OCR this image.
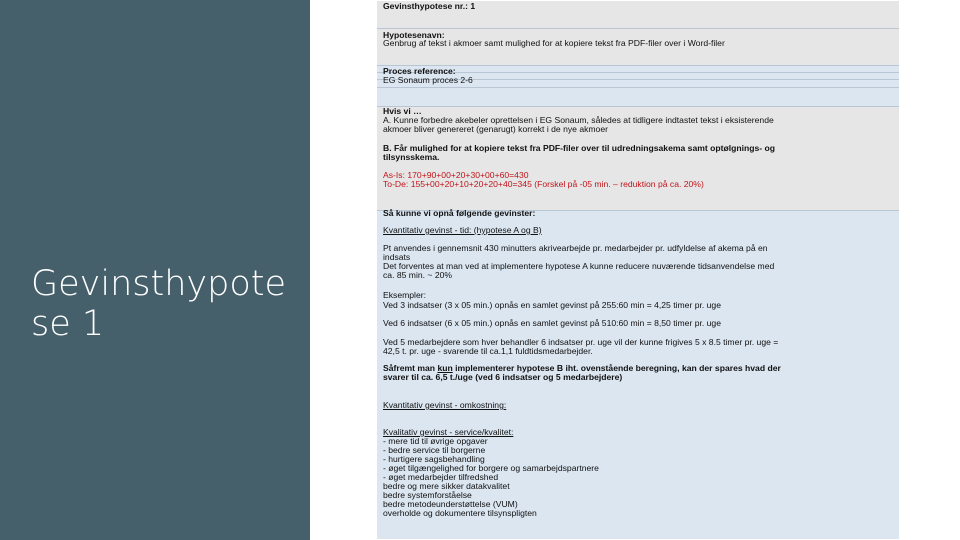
Gevinsthypote se 1
Gevinsthypotese nr.: 1
Hypotesenavn:
Genbrug af tekst i akmoer samt mulighed for at kopiere tekst fra PDF-filer over i Word-filer
Proces reference:
EG Sonaum proces 2-6
Hvis vi …
A. Kunne forbedre akebeler oprettelsen i EG Sonaum, således at tidligere indtastet tekst i eksisterende
akmoer bliver genereret (genarugt) korrekt i de nye akmoer
B. Får mulighed for at kopiere tekst fra PDF-filer over til udredningsakema samt optølgnings- og
tilsynsskema.
As-Is: 170+90+00+20+30+00+60=430
To-De: 155+00+20+10+20+20+40=345 (Forskel på -05 min. – reduktion på ca. 20%)
Så kunne vi opnå følgende gevinster:
Kvantitativ gevinst - tid: (hypotese A og B)
Pt anvendes i gennemsnit 430 minutters akrivearbejde pr. medarbejder pr. udfyldelse af akema på en
indsats
Det forventes at man ved at implementere hypotese A kunne reducere nuværende tidsanvendelse med
ca. 85 min. ~ 20%
Eksempler:
Ved 3 indsatser (3 x 05 min.) opnås en samlet gevinst på 255:60 min = 4,25 timer pr. uge
Ved 6 indsatser (6 x 05 min.) opnås en samlet gevinst på 510:60 min = 8,50 timer pr. uge
Ved 5 medarbejdere som hver behandler 6 indsatser pr. uge vil der kunne frigives 5 x 8.5 timer pr. uge =
42,5 t. pr. uge - svarende til ca.1,1 fuldtidsmedarbejder.
Såfremt man kun implementerer hypotese B iht. ovenstående beregning, kan der spares hvad der
svarer til ca. 6,5 t./uge (ved 6 indsatser og 5 medarbejdere)
Kvantitativ gevinst - omkostning:
Kvalitativ gevinst - service/kvalitet:
- mere tid til øvrige opgaver
- bedre service til borgerne
- hurtigere sagsbehandling
- øget tilgængelighed for borgere og samarbejdspartnere
- øget medarbejder tilfredshed
bedre og mere sikker datakvalitet
bedre systemforståelse
bedre metodeunderstøttelse (VUM)
overholde og dokumentere tilsynspligten
